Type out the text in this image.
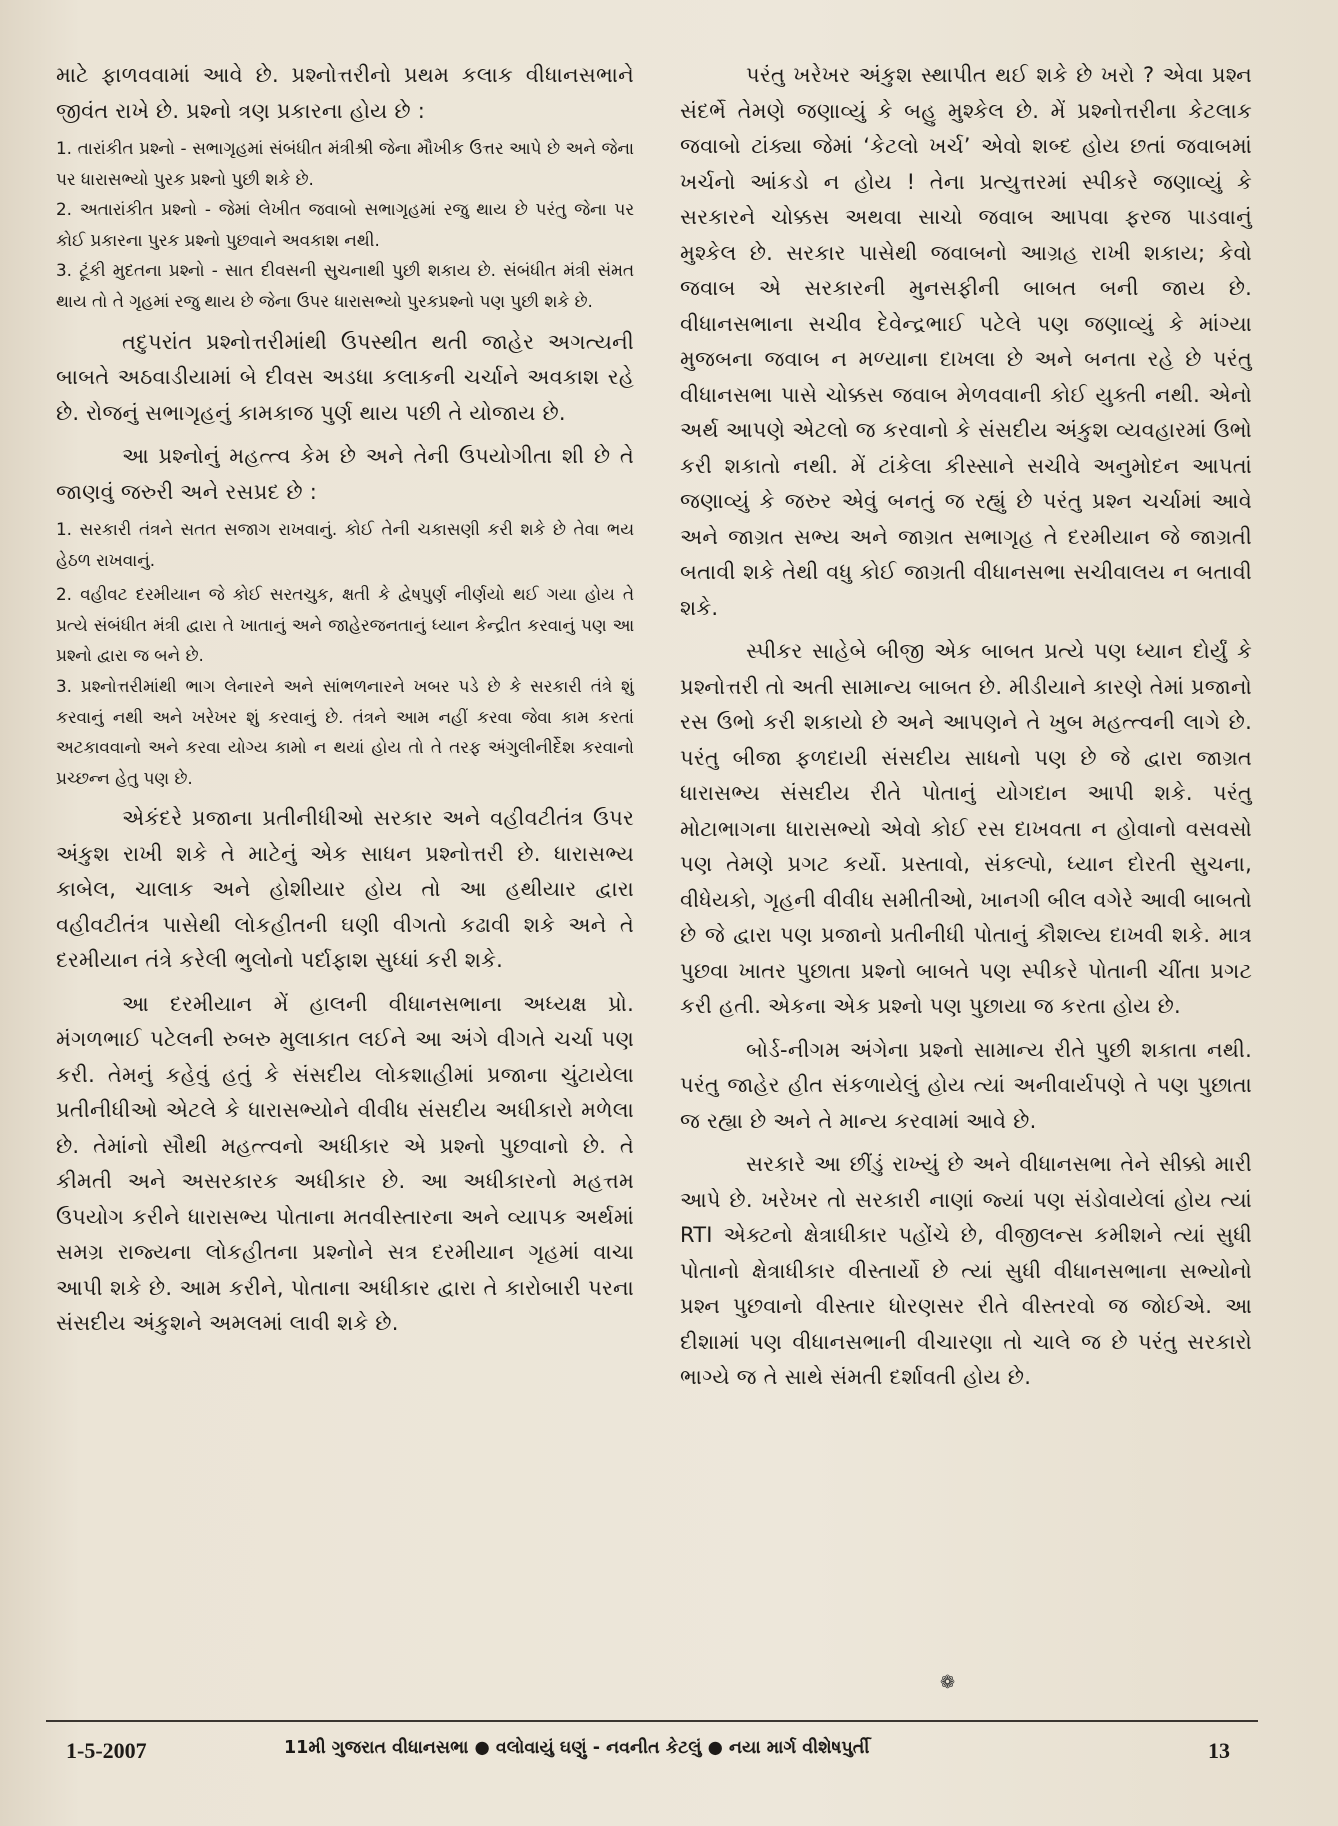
માટે ફાળવવામાં આવે છે. પ્રશ્નોત્તરીનો પ્રથમ કલાક વીધાનસભાને જીવંત રાખે છે. પ્રશ્નો ત્રણ પ્રકારના હોય છે :

1. તારાંકીત પ્રશ્નો - સભાગૃહમાં સંબંધીત મંત્રીશ્રી જેના મૌખીક ઉત્તર આપે છે અને જેના પર ધારાસભ્યો પુરક પ્રશ્નો પુછી શકે છે.

2. અતારાંકીત પ્રશ્નો - જેમાં લેખીત જવાબો સભાગૃહમાં રજુ થાય છે પરંતુ જેના પર કોઈ પ્રકારના પુરક પ્રશ્નો પુછવાને અવકાશ નથી.

3. ટૂંકી મુદતના પ્રશ્નો - સાત દીવસની સુચનાથી પુછી શકાય છે. સંબંધીત મંત્રી સંમત થાય તો તે ગૃહમાં રજુ થાય છે જેના ઉપર ધારાસભ્યો પુરકપ્રશ્નો પણ પુછી શકે છે.

તદુપરાંત પ્રશ્નોત્તરીમાંથી ઉપસ્થીત થતી જાહેર અગત્યની બાબતે અઠવાડીયામાં બે દીવસ અડધા કલાકની ચર્ચાને અવકાશ રહે છે. રોજનું સભાગૃહનું કામકાજ પુર્ણ થાય પછી તે યોજાય છે.

આ પ્રશ્નોનું મહત્ત્વ કેમ છે અને તેની ઉપયોગીતા શી છે તે જાણવું જરુરી અને રસપ્રદ છે :

1. સરકારી તંત્રને સતત સજાગ રાખવાનું. કોઈ તેની ચકાસણી કરી શકે છે તેવા ભય હેઠળ રાખવાનું.

2. વહીવટ દરમીયાન જે કોઈ સરતચુક, ક્ષતી કે દ્વેષપુર્ણ નીર્ણયો થઈ ગયા હોય તે પ્રત્યે સંબંધીત મંત્રી દ્વારા તે ખાતાનું અને જાહેરજનતાનું ધ્યાન કેન્દ્રીત કરવાનું પણ આ પ્રશ્નો દ્વારા જ બને છે.

3. પ્રશ્નોત્તરીમાંથી ભાગ લેનારને અને સાંભળનારને ખબર પડે છે કે સરકારી તંત્રે શું કરવાનું નથી અને ખરેખર શું કરવાનું છે. તંત્રને આમ નહીં કરવા જેવા કામ કરતાં અટકાવવાનો અને કરવા યોગ્ય કામો ન થયાં હોય તો તે તરફ અંગુલીનીર્દેશ કરવાનો પ્રચ્છન્ન હેતુ પણ છે.

એકંદરે પ્રજાના પ્રતીનીધીઓ સરકાર અને વહીવટીતંત્ર ઉપર અંકુશ રાખી શકે તે માટેનું એક સાધન પ્રશ્નોત્તરી છે. ધારાસભ્ય કાબેલ, ચાલાક અને હોશીયાર હોય તો આ હથીયાર દ્વારા વહીવટીતંત્ર પાસેથી લોકહીતની ઘણી વીગતો કઢાવી શકે અને તે દરમીયાન તંત્રે કરેલી ભુલોનો પર્દાફાશ સુધ્ધાં કરી શકે.

આ દરમીયાન મેં હાલની વીધાનસભાના અધ્યક્ષ પ્રો. મંગળભાઈ પટેલની રુબરુ મુલાકાત લઈને આ અંગે વીગતે ચર્ચા પણ કરી. તેમનું કહેવું હતું કે સંસદીય લોકશાહીમાં પ્રજાના ચુંટાયેલા પ્રતીનીધીઓ એટલે કે ધારાસભ્યોને વીવીધ સંસદીય અધીકારો મળેલા છે. તેમાંનો સૌથી મહત્ત્વનો અધીકાર એ પ્રશ્નો પુછવાનો છે. તે કીમતી અને અસરકારક અધીકાર છે. આ અધીકારનો મહત્તમ ઉપયોગ કરીને ધારાસભ્ય પોતાના મતવીસ્તારના અને વ્યાપક અર્થમાં સમગ્ર રાજ્યના લોકહીતના પ્રશ્નોને સત્ર દરમીયાન ગૃહમાં વાચા આપી શકે છે. આમ કરીને, પોતાના અધીકાર દ્વારા તે કારોબારી પરના સંસદીય અંકુશને અમલમાં લાવી શકે છે.

પરંતુ ખરેખર અંકુશ સ્થાપીત થઈ શકે છે ખરો ? એવા પ્રશ્ન સંદર્ભે તેમણે જણાવ્યું કે બહુ મુશ્કેલ છે. મેં પ્રશ્નોત્તરીના કેટલાક જવાબો ટાંક્યા જેમાં ‘કેટલો ખર્ચ’ એવો શબ્દ હોય છતાં જવાબમાં ખર્ચનો આંકડો ન હોય ! તેના પ્રત્યુત્તરમાં સ્પીકરે જણાવ્યું કે સરકારને ચોક્કસ અથવા સાચો જવાબ આપવા ફરજ પાડવાનું મુશ્કેલ છે. સરકાર પાસેથી જવાબનો આગ્રહ રાખી શકાય; કેવો જવાબ એ સરકારની મુનસફીની બાબત બની જાય છે. વીધાનસભાના સચીવ દેવેન્દ્રભાઈ પટેલે પણ જણાવ્યું કે માંગ્યા મુજબના જવાબ ન મળ્યાના દાખલા છે અને બનતા રહે છે પરંતુ વીધાનસભા પાસે ચોક્કસ જવાબ મેળવવાની કોઈ યુક્તી નથી. એનો અર્થ આપણે એટલો જ કરવાનો કે સંસદીય અંકુશ વ્યવહારમાં ઉભો કરી શકાતો નથી. મેં ટાંકેલા કીસ્સાને સચીવે અનુમોદન આપતાં જણાવ્યું કે જરુર એવું બનતું જ રહ્યું છે પરંતુ પ્રશ્ન ચર્ચામાં આવે અને જાગ્રત સભ્ય અને જાગ્રત સભાગૃહ તે દરમીયાન જે જાગ્રતી બતાવી શકે તેથી વધુ કોઈ જાગ્રતી વીધાનસભા સચીવાલય ન બતાવી શકે.

સ્પીકર સાહેબે બીજી એક બાબત પ્રત્યે પણ ધ્યાન દોર્યું કે પ્રશ્નોત્તરી તો અતી સામાન્ય બાબત છે. મીડીયાને કારણે તેમાં પ્રજાનો રસ ઉભો કરી શકાયો છે અને આપણને તે ખુબ મહત્ત્વની લાગે છે. પરંતુ બીજા ફળદાયી સંસદીય સાધનો પણ છે જે દ્વારા જાગ્રત ધારાસભ્ય સંસદીય રીતે પોતાનું યોગદાન આપી શકે. પરંતુ મોટાભાગના ધારાસભ્યો એવો કોઈ રસ દાખવતા ન હોવાનો વસવસો પણ તેમણે પ્રગટ કર્યો. પ્રસ્તાવો, સંકલ્પો, ધ્યાન દોરતી સુચના, વીધેયકો, ગૃહની વીવીધ સમીતીઓ, ખાનગી બીલ વગેરે આવી બાબતો છે જે દ્વારા પણ પ્રજાનો પ્રતીનીધી પોતાનું કૌશલ્ય દાખવી શકે. માત્ર પુછવા ખાતર પુછાતા પ્રશ્નો બાબતે પણ સ્પીકરે પોતાની ચીંતા પ્રગટ કરી હતી. એકના એક પ્રશ્નો પણ પુછાયા જ કરતા હોય છે.

બોર્ડ-નીગમ અંગેના પ્રશ્નો સામાન્ય રીતે પુછી શકાતા નથી. પરંતુ જાહેર હીત સંકળાયેલું હોય ત્યાં અનીવાર્યપણે તે પણ પુછાતા જ રહ્યા છે અને તે માન્ય કરવામાં આવે છે.

સરકારે આ છીંડું રાખ્યું છે અને વીધાનસભા તેને સીક્કો મારી આપે છે. ખરેખર તો સરકારી નાણાં જ્યાં પણ સંડોવાયેલાં હોય ત્યાં RTI એક્ટનો ક્ષેત્રાધીકાર પહોંચે છે, વીજીલન્સ કમીશને ત્યાં સુધી પોતાનો ક્ષેત્રાધીકાર વીસ્તાર્યો છે ત્યાં સુધી વીધાનસભાના સભ્યોનો પ્રશ્ન પુછવાનો વીસ્તાર ધોરણસર રીતે વીસ્તરવો જ જોઈએ. આ દીશામાં પણ વીધાનસભાની વીચારણા તો ચાલે જ છે પરંતુ સરકારો ભાગ્યે જ તે સાથે સંમતી દર્શાવતી હોય છે.

❁
1-5-2007	11મી ગુજરાત વીધાનસભા ● વલોવાયું ઘણું - નવનીત કેટલું ● નયા માર્ગ વીશેષપુર્તી	13
